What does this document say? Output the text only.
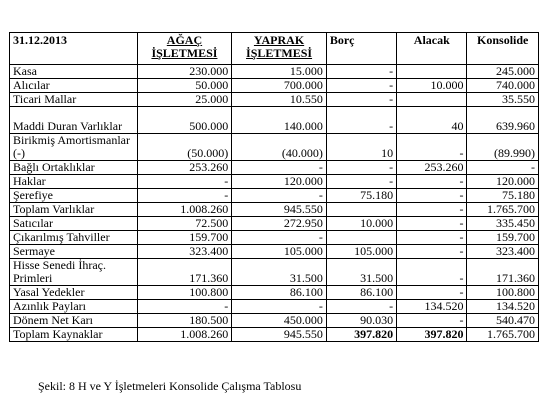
31.12.2013	AĞAÇ İŞLETMESİ	YAPRAK İŞLETMESİ	Borç	Alacak	Konsolide
Kasa	230.000	15.000	-		245.000
Alıcılar	50.000	700.000	-	10.000	740.000
Ticari Mallar	25.000	10.550	-		35.550
Maddi Duran Varlıklar	500.000	140.000	-	40	639.960
Birikmiş Amortismanlar (-)	(50.000)	(40.000)	10	-	(89.990)
Bağlı Ortaklıklar	253.260	-	-	253.260	-
Haklar	-	120.000	-	-	120.000
Şerefiye	-	-	75.180	-	75.180
Toplam Varlıklar	1.008.260	945.550		-	1.765.700
Satıcılar	72.500	272.950	10.000	-	335.450
Çıkarılmış Tahviller	159.700	-		-	159.700
Sermaye	323.400	105.000	105.000	-	323.400
Hisse Senedi İhraç. Primleri	171.360	31.500	31.500	-	171.360
Yasal Yedekler	100.800	86.100	86.100	-	100.800
Azınlık Payları	-	-	-	134.520	134.520
Dönem Net Karı	180.500	450.000	90.030	-	540.470
Toplam Kaynaklar	1.008.260	945.550	397.820	397.820	1.765.700
Şekil: 8 H ve Y İşletmeleri Konsolide Çalışma Tablosu
